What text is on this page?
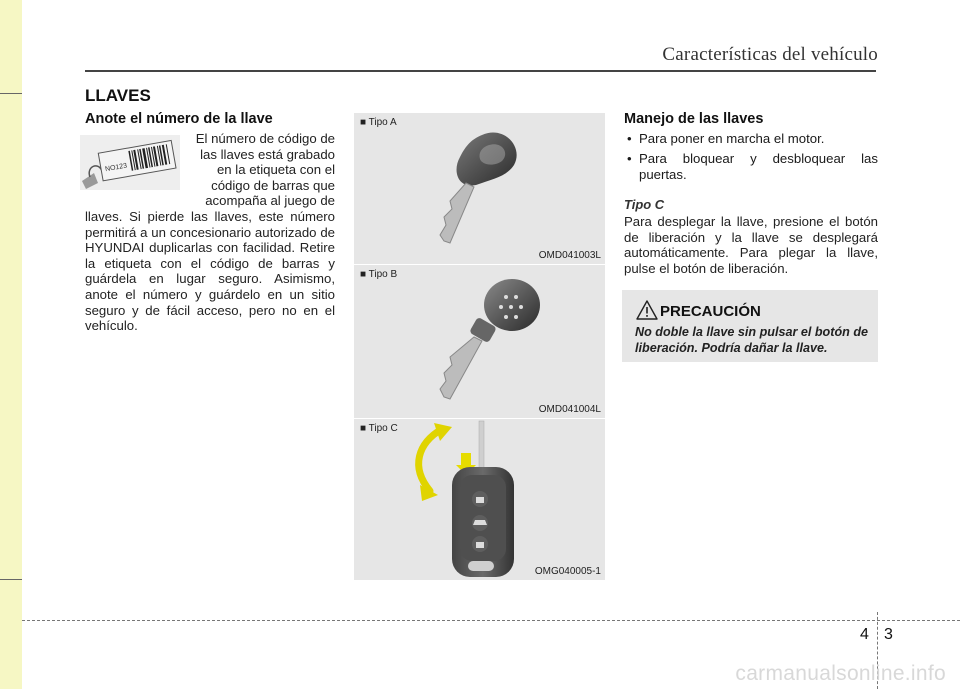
Características del vehículo
LLAVES
Anote el número de la llave
NO123
El número de código de
las llaves está grabado
en la etiqueta con el
código de barras que
acompaña al juego de
llaves. Si pierde las llaves, este número permitirá a un concesionario autorizado de HYUNDAI duplicarlas con facilidad. Retire la etiqueta con el código de barras y guárdela en lugar seguro. Asimismo, anote el número y guárdelo en un sitio seguro y de fácil acceso, pero no en el vehículo.
■ Tipo A
OMD041003L
■ Tipo B
OMD041004L
■ Tipo C
OMG040005-1
Manejo de las llaves
• Para poner en marcha el motor.
• Para bloquear y desbloquear las puertas.
Tipo C
Para desplegar la llave, presione el botón de liberación y la llave se desplegará automáticamente. Para plegar la llave, pulse el botón de liberación.
PRECAUCIÓN
No doble la llave sin pulsar el botón de liberación. Podría dañar la llave.
4 3
carmanualsonline.info
